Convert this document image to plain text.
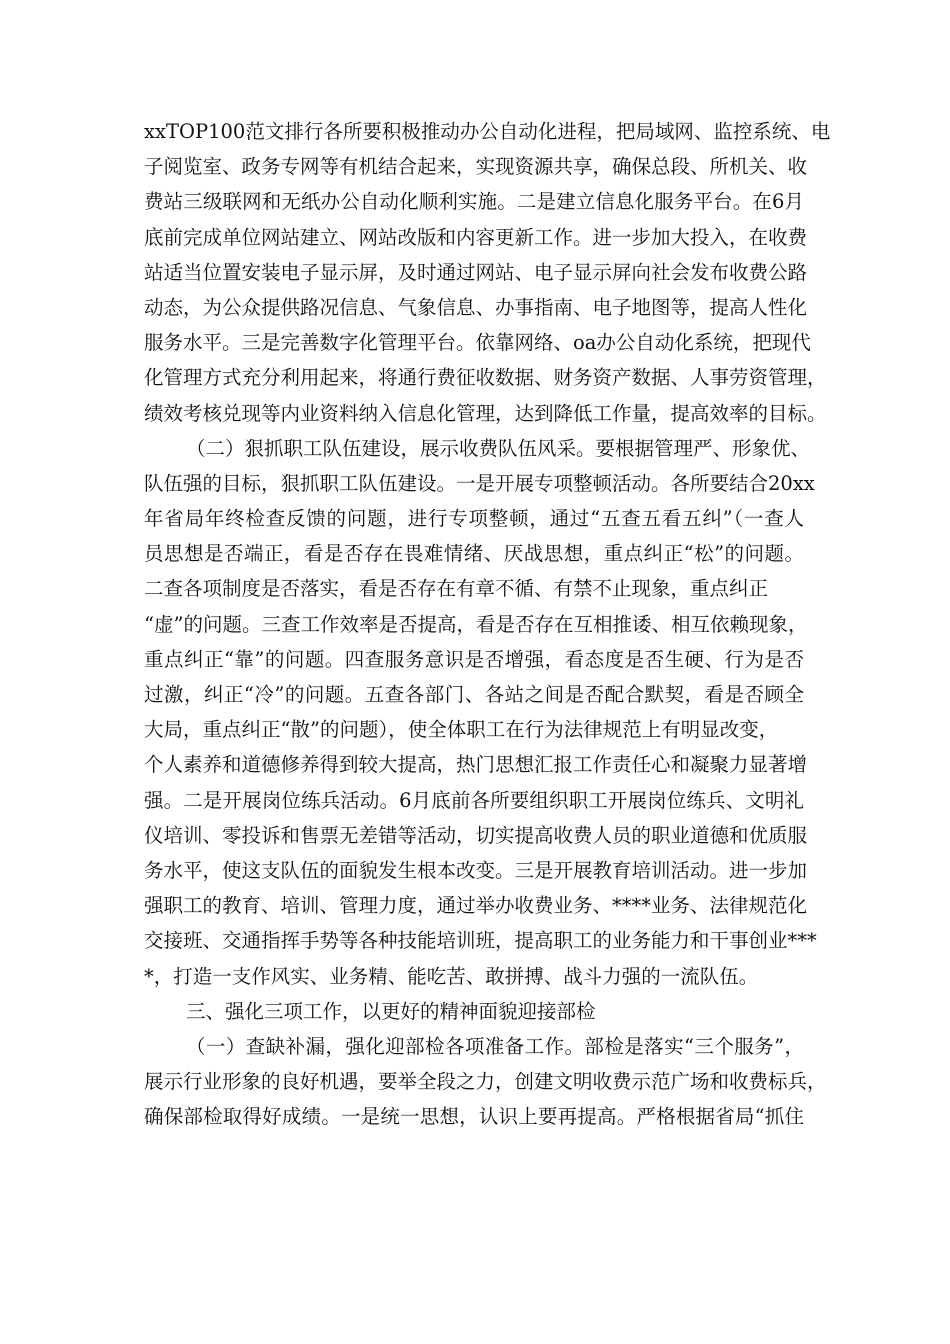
xxTOP100范文排行各所要积极推动办公自动化进程，把局域网、监控系统、电
子阅览室、政务专网等有机结合起来，实现资源共享，确保总段、所机关、收
费站三级联网和无纸办公自动化顺利实施。二是建立信息化服务平台。在6月
底前完成单位网站建立、网站改版和内容更新工作。进一步加大投入，在收费
站适当位置安装电子显示屏，及时通过网站、电子显示屏向社会发布收费公路
动态，为公众提供路况信息、气象信息、办事指南、电子地图等，提高人性化
服务水平。三是完善数字化管理平台。依靠网络、oa办公自动化系统，把现代
化管理方式充分利用起来，将通行费征收数据、财务资产数据、人事劳资管理，
绩效考核兑现等内业资料纳入信息化管理，达到降低工作量，提高效率的目标。
（二）狠抓职工队伍建设，展示收费队伍风采。要根据管理严、形象优、
队伍强的目标，狠抓职工队伍建设。一是开展专项整顿活动。各所要结合20xx
年省局年终检查反馈的问题，进行专项整顿，通过“五查五看五纠”（一查人
员思想是否端正，看是否存在畏难情绪、厌战思想，重点纠正“松”的问题。
二查各项制度是否落实，看是否存在有章不循、有禁不止现象，重点纠正
“虚”的问题。三查工作效率是否提高，看是否存在互相推诿、相互依赖现象，
重点纠正“靠”的问题。四查服务意识是否增强，看态度是否生硬、行为是否
过激，纠正“冷”的问题。五查各部门、各站之间是否配合默契，看是否顾全
大局，重点纠正“散”的问题），使全体职工在行为法律规范上有明显改变，
个人素养和道德修养得到较大提高，热门思想汇报工作责任心和凝聚力显著增
强。二是开展岗位练兵活动。6月底前各所要组织职工开展岗位练兵、文明礼
仪培训、零投诉和售票无差错等活动，切实提高收费人员的职业道德和优质服
务水平，使这支队伍的面貌发生根本改变。三是开展教育培训活动。进一步加
强职工的教育、培训、管理力度，通过举办收费业务、****业务、法律规范化
交接班、交通指挥手势等各种技能培训班，提高职工的业务能力和干事创业***
*，打造一支作风实、业务精、能吃苦、敢拼搏、战斗力强的一流队伍。
三、强化三项工作，以更好的精神面貌迎接部检
（一）查缺补漏，强化迎部检各项准备工作。部检是落实“三个服务”，
展示行业形象的良好机遇，要举全段之力，创建文明收费示范广场和收费标兵，
确保部检取得好成绩。一是统一思想，认识上要再提高。严格根据省局“抓住
